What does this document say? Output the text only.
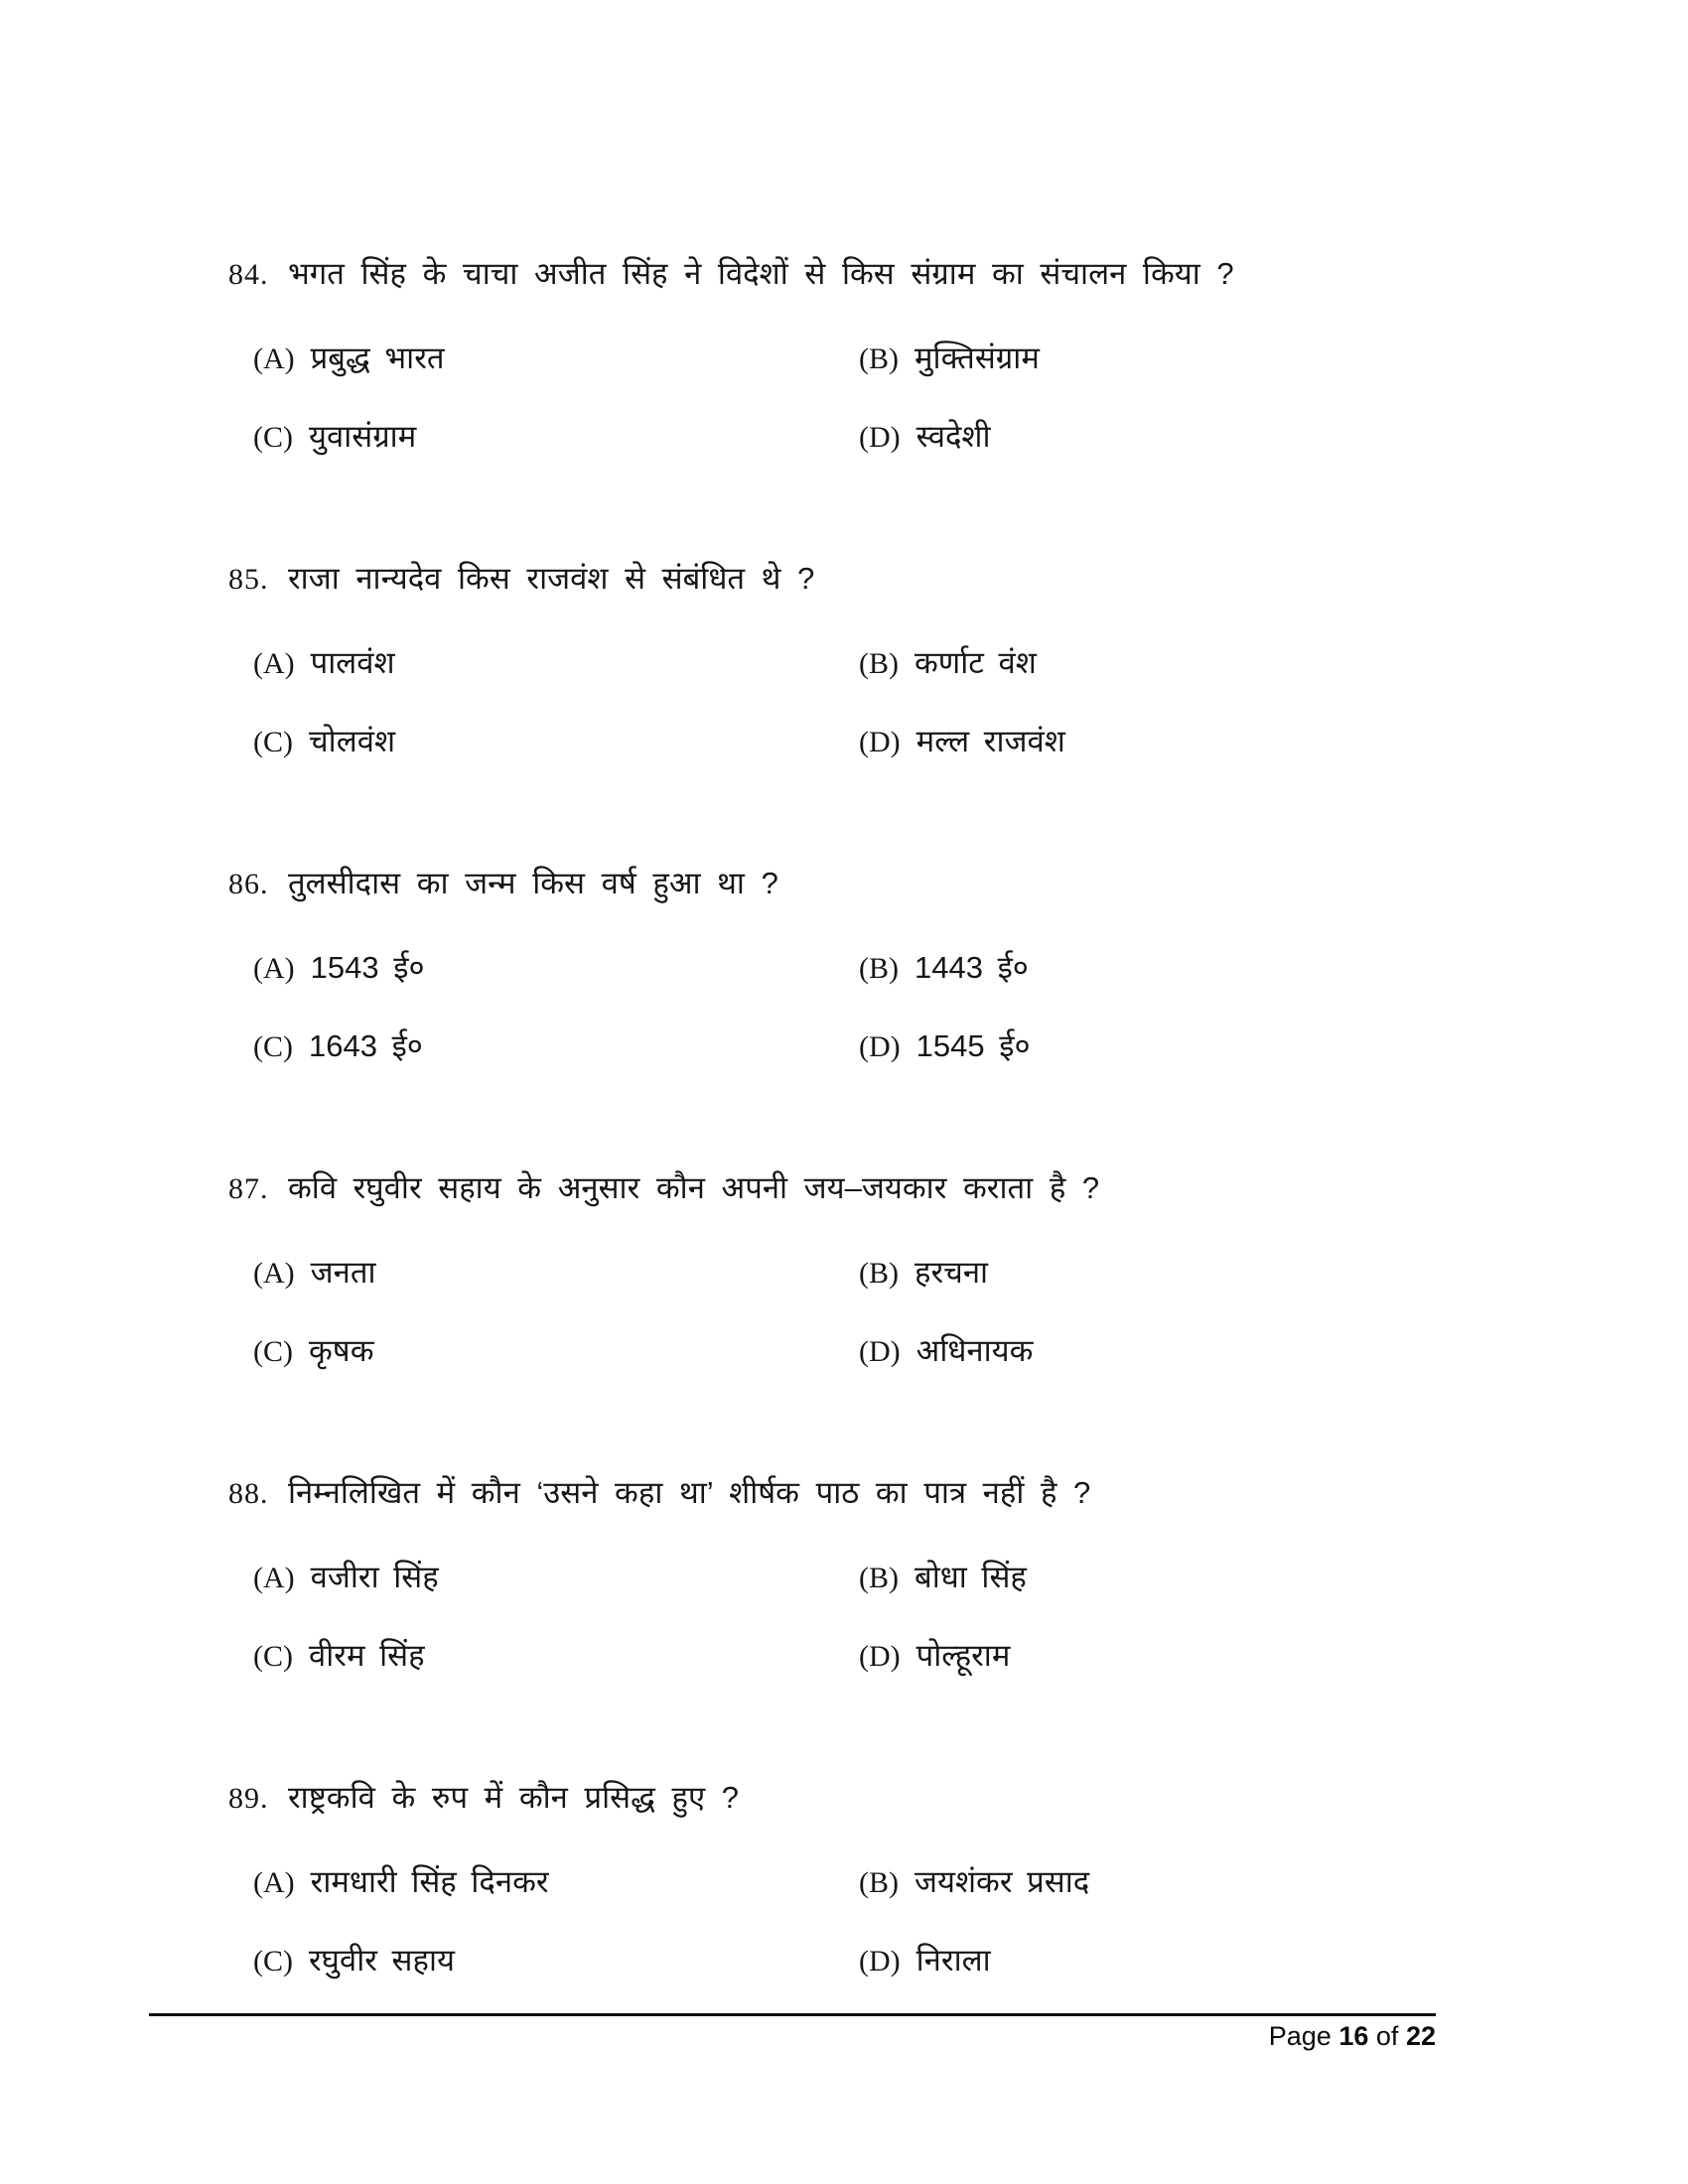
84. भगत सिंह के चाचा अजीत सिंह ने विदेशों से किस संग्राम का संचालन किया ?
(A) प्रबुद्ध भारत	(B) मुक्तिसंग्राम
(C) युवासंग्राम	(D) स्वदेशी
85. राजा नान्यदेव किस राजवंश से संबंधित थे ?
(A) पालवंश	(B) कर्णाट वंश
(C) चोलवंश	(D) मल्ल राजवंश
86. तुलसीदास का जन्म किस वर्ष हुआ था ?
(A) 1543 ई०	(B) 1443 ई०
(C) 1643 ई०	(D) 1545 ई०
87. कवि रघुवीर सहाय के अनुसार कौन अपनी जय–जयकार कराता है ?
(A) जनता	(B) हरचना
(C) कृषक	(D) अधिनायक
88. निम्नलिखित में कौन ‘उसने कहा था’ शीर्षक पाठ का पात्र नहीं है ?
(A) वजीरा सिंह	(B) बोधा सिंह
(C) वीरम सिंह	(D) पोल्हूराम
89. राष्ट्रकवि के रुप में कौन प्रसिद्ध हुए ?
(A) रामधारी सिंह दिनकर	(B) जयशंकर प्रसाद
(C) रघुवीर सहाय	(D) निराला
Page 16 of 22
